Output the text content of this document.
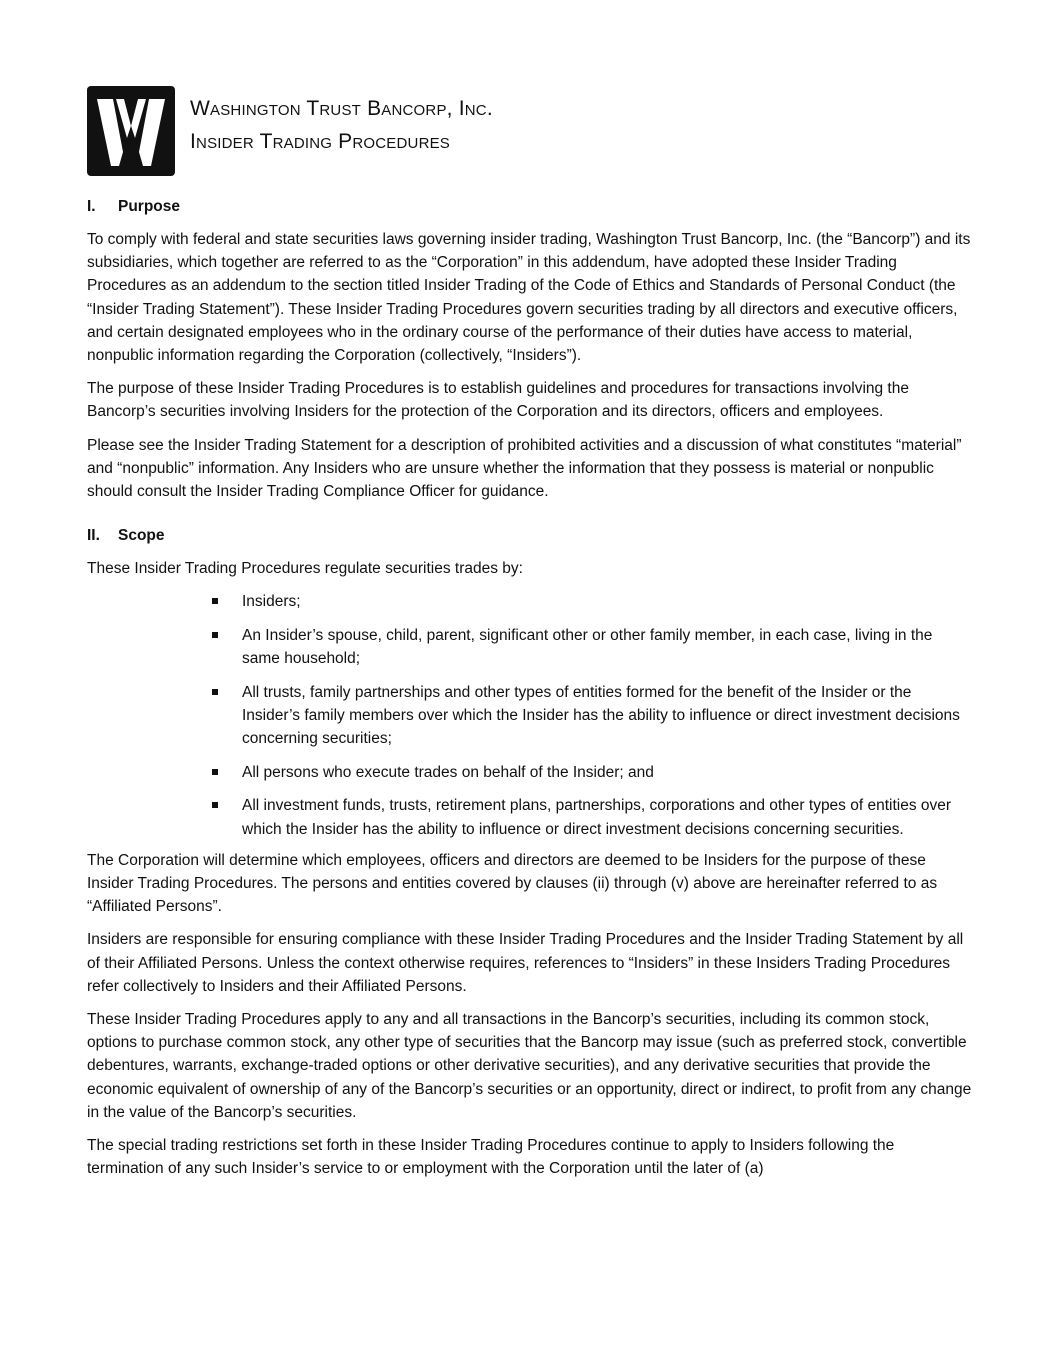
Washington Trust Bancorp, Inc.
Insider Trading Procedures
I.	Purpose

To comply with federal and state securities laws governing insider trading, Washington Trust Bancorp, Inc. (the “Bancorp”) and its subsidiaries, which together are referred to as the “Corporation” in this addendum, have adopted these Insider Trading Procedures as an addendum to the section titled Insider Trading of the Code of Ethics and Standards of Personal Conduct (the “Insider Trading Statement”). These Insider Trading Procedures govern securities trading by all directors and executive officers, and certain designated employees who in the ordinary course of the performance of their duties have access to material, nonpublic information regarding the Corporation (collectively, “Insiders”).

The purpose of these Insider Trading Procedures is to establish guidelines and procedures for transactions involving the Bancorp’s securities involving Insiders for the protection of the Corporation and its directors, officers and employees.

Please see the Insider Trading Statement for a description of prohibited activities and a discussion of what constitutes “material” and “nonpublic” information. Any Insiders who are unsure whether the information that they possess is material or nonpublic should consult the Insider Trading Compliance Officer for guidance.

II.	Scope

These Insider Trading Procedures regulate securities trades by:

Insiders;
An Insider’s spouse, child, parent, significant other or other family member, in each case, living in the same household;
All trusts, family partnerships and other types of entities formed for the benefit of the Insider or the Insider’s family members over which the Insider has the ability to influence or direct investment decisions concerning securities;
All persons who execute trades on behalf of the Insider; and
All investment funds, trusts, retirement plans, partnerships, corporations and other types of entities over which the Insider has the ability to influence or direct investment decisions concerning securities.

The Corporation will determine which employees, officers and directors are deemed to be Insiders for the purpose of these Insider Trading Procedures. The persons and entities covered by clauses (ii) through (v) above are hereinafter referred to as “Affiliated Persons”.

Insiders are responsible for ensuring compliance with these Insider Trading Procedures and the Insider Trading Statement by all of their Affiliated Persons. Unless the context otherwise requires, references to “Insiders” in these Insiders Trading Procedures refer collectively to Insiders and their Affiliated Persons.

These Insider Trading Procedures apply to any and all transactions in the Bancorp’s securities, including its common stock, options to purchase common stock, any other type of securities that the Bancorp may issue (such as preferred stock, convertible debentures, warrants, exchange-traded options or other derivative securities), and any derivative securities that provide the economic equivalent of ownership of any of the Bancorp’s securities or an opportunity, direct or indirect, to profit from any change in the value of the Bancorp’s securities.

The special trading restrictions set forth in these Insider Trading Procedures continue to apply to Insiders following the termination of any such Insider’s service to or employment with the Corporation until the later of (a)
